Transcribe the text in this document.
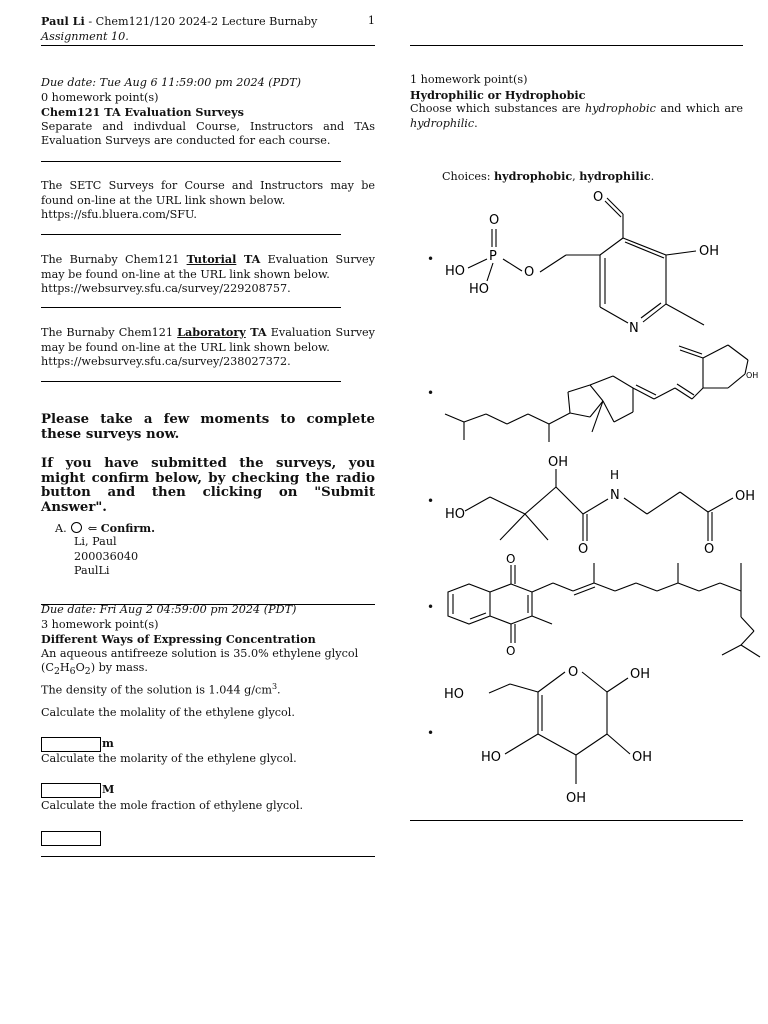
Paul Li - Chem121/120 2024-2 Lecture Burnaby	1
Assignment 10.
Due date: Tue Aug 6 11:59:00 pm 2024 (PDT)
0 homework point(s)
Chem121 TA Evaluation Surveys
Separate and indivdual Course, Instructors and TAs Evaluation Surveys are conducted for each course.
The SETC Surveys for Course and Instructors may be found on-line at the URL link shown below.
https://sfu.bluera.com/SFU.
The Burnaby Chem121 Tutorial TA Evaluation Survey may be found on-line at the URL link shown below.
https://websurvey.sfu.ca/survey/229208757.
The Burnaby Chem121 Laboratory TA Evaluation Survey may be found on-line at the URL link shown below.
https://websurvey.sfu.ca/survey/238027372.
Please take a few moments to complete these surveys now.
If you have submitted the surveys, you might confirm below, by checking the radio button and then clicking on "Submit Answer".
A. ⇐ Confirm.
Li, Paul
200036040
PaulLi
Due date: Fri Aug 2 04:59:00 pm 2024 (PDT)
3 homework point(s)
Different Ways of Expressing Concentration
An aqueous antifreeze solution is 35.0% ethylene glycol
$(C_2H_6O_2)$ by mass.
The density of the solution is 1.044 $g/cm^3$.
Calculate the molality of the ethylene glycol.
m
Calculate the molarity of the ethylene glycol.
M
Calculate the mole fraction of ethylene glycol.
1 homework point(s)
Hydrophilic or Hydrophobic
Choose which substances are hydrophobic and which are hydrophilic.
Choices: hydrophobic, hydrophilic.
•
•
•
•
•
O
N
OH
O
P
O
HO
HO
OH
OH
HO
O
H
N
O
OH
O
O
O
HO
OH
OH
HO
OH
